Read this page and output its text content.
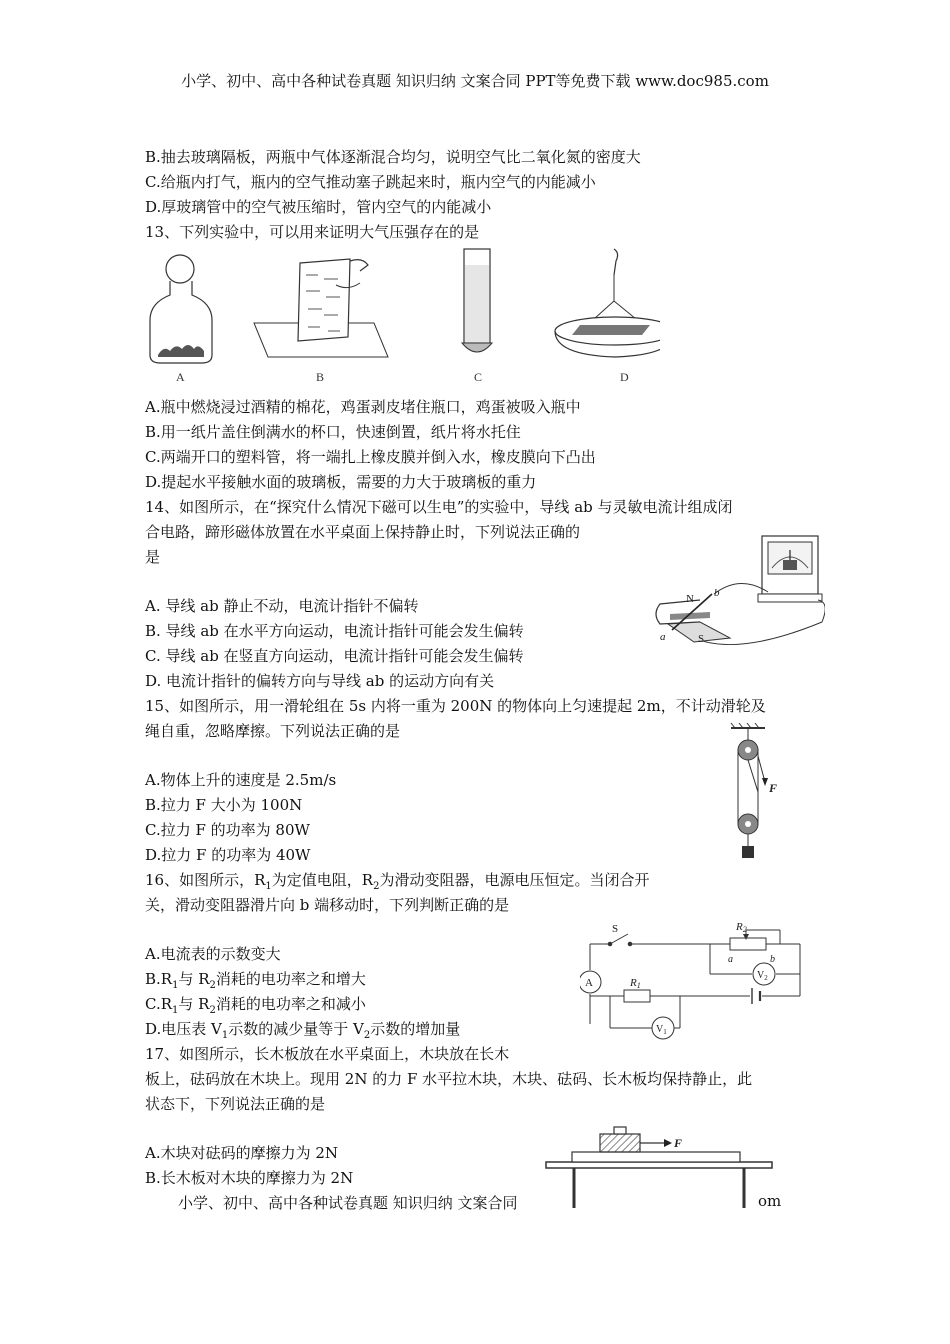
小学、初中、高中各种试卷真题 知识归纳 文案合同 PPT等免费下载 www.doc985.com
B.抽去玻璃隔板，两瓶中气体逐渐混合均匀，说明空气比二氧化氮的密度大
C.给瓶内打气，瓶内的空气推动塞子跳起来时，瓶内空气的内能减小
D.厚玻璃管中的空气被压缩时，管内空气的内能减小
13、下列实验中，可以用来证明大气压强存在的是
A	B	C	D
A.瓶中燃烧浸过酒精的棉花，鸡蛋剥皮堵住瓶口，鸡蛋被吸入瓶中
B.用一纸片盖住倒满水的杯口，快速倒置，纸片将水托住
C.两端开口的塑料管，将一端扎上橡皮膜并倒入水，橡皮膜向下凸出
D.提起水平接触水面的玻璃板，需要的力大于玻璃板的重力
14、如图所示，在“探究什么情况下磁可以生电”的实验中，导线 ab 与灵敏电流计组成闭
合电路，蹄形磁体放置在水平桌面上保持静止时，下列说法正确的
是
N
S
b
a
A. 导线 ab 静止不动，电流计指针不偏转
B. 导线 ab 在水平方向运动，电流计指针可能会发生偏转
C. 导线 ab 在竖直方向运动，电流计指针可能会发生偏转
D. 电流计指针的偏转方向与导线 ab 的运动方向有关
15、如图所示，用一滑轮组在 5s 内将一重为 200N 的物体向上匀速提起 2m，不计动滑轮及
绳自重，忽略摩擦。下列说法正确的是
F
A.物体上升的速度是 2.5m/s
B.拉力 F 大小为 100N
C.拉力 F 的功率为 80W
D.拉力 F 的功率为 40W
16、如图所示，$R_1$为定值电阻，$R_2$为滑动变阻器，电源电压恒定。当闭合开
关，滑动变阻器滑片向 b 端移动时，下列判断正确的是
A
$V_2$
$V_1$
S	R2
R1
a	b
A.电流表的示数变大
$B.R_1$与 $R_2$消耗的电功率之和增大
$C.R_1$与 $R_2$消耗的电功率之和减小
D.电压表 $V_1$示数的减少量等于 $V_2$示数的增加量
17、如图所示，长木板放在水平桌面上，木块放在长木
板上，砝码放在木块上。现用 2N 的力 F 水平拉木块，木块、砝码、长木板均保持静止，此
状态下，下列说法正确的是
F
A.木块对砝码的摩擦力为 2N
B.长木板对木块的摩擦力为 2N
小学、初中、高中各种试卷真题 知识归纳 文案合同	om
